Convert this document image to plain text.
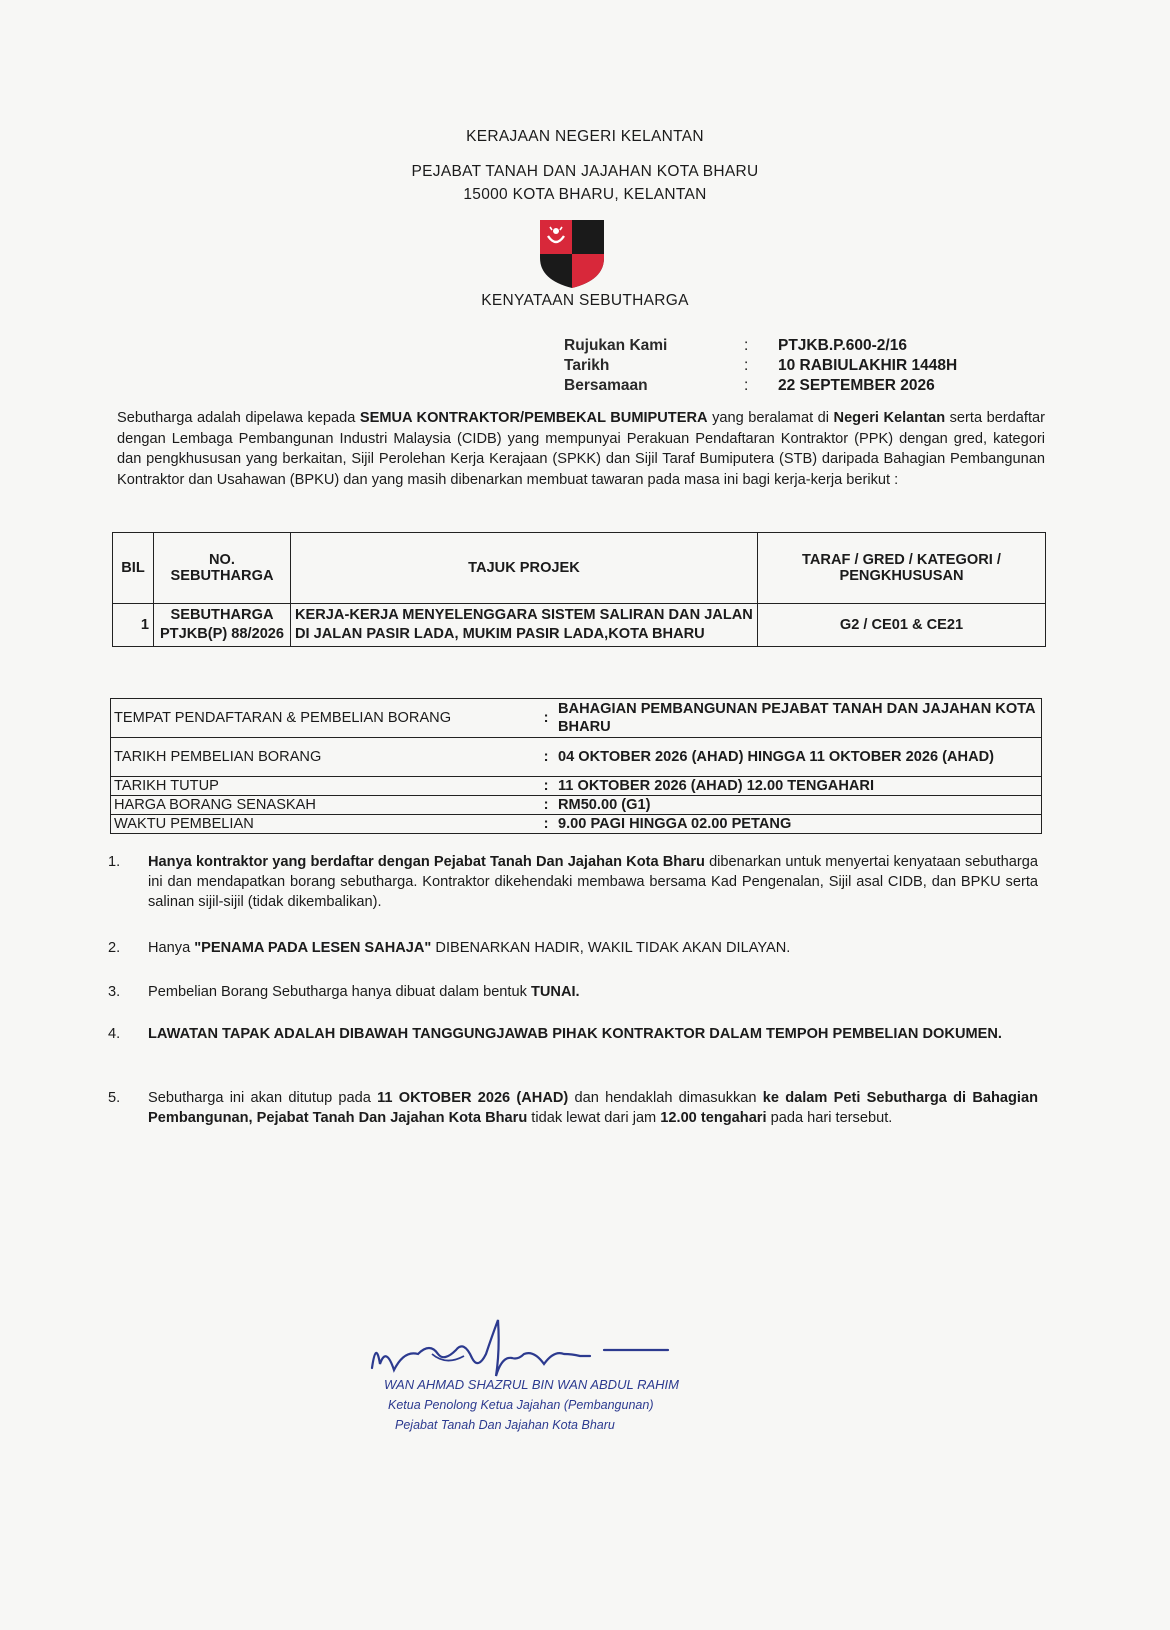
KERAJAAN NEGERI KELANTAN
PEJABAT TANAH DAN JAJAHAN KOTA BHARU
15000 KOTA BHARU, KELANTAN
KENYATAAN SEBUTHARGA
Rujukan Kami	:	PTJKB.P.600-2/16
Tarikh	:	10 RABIULAKHIR 1448H
Bersamaan	:	22 SEPTEMBER 2026
Sebutharga adalah dipelawa kepada SEMUA KONTRAKTOR/PEMBEKAL BUMIPUTERA yang beralamat di Negeri Kelantan serta berdaftar dengan Lembaga Pembangunan Industri Malaysia (CIDB) yang mempunyai Perakuan Pendaftaran Kontraktor (PPK) dengan gred, kategori dan pengkhususan yang berkaitan, Sijil Perolehan Kerja Kerajaan (SPKK) dan Sijil Taraf Bumiputera (STB) daripada Bahagian Pembangunan Kontraktor dan Usahawan (BPKU) dan yang masih dibenarkan membuat tawaran pada masa ini bagi kerja-kerja berikut :
BIL	NO. SEBUTHARGA	TAJUK PROJEK	TARAF / GRED / KATEGORI / PENGKHUSUSAN
1	SEBUTHARGA PTJKB(P) 88/2026	KERJA-KERJA MENYELENGGARA SISTEM SALIRAN DAN JALAN DI JALAN PASIR LADA, MUKIM PASIR LADA,KOTA BHARU	G2 / CE01 & CE21
TEMPAT PENDAFTARAN & PEMBELIAN BORANG	:	BAHAGIAN PEMBANGUNAN PEJABAT TANAH DAN JAJAHAN KOTA BHARU
TARIKH PEMBELIAN BORANG	:	04 OKTOBER 2026 (AHAD) HINGGA 11 OKTOBER 2026 (AHAD)
TARIKH TUTUP	:	11 OKTOBER 2026 (AHAD) 12.00 TENGAHARI
HARGA BORANG SENASKAH	:	RM50.00 (G1)
WAKTU PEMBELIAN	:	9.00 PAGI HINGGA 02.00 PETANG
1.	Hanya kontraktor yang berdaftar dengan Pejabat Tanah Dan Jajahan Kota Bharu dibenarkan untuk menyertai kenyataan sebutharga ini dan mendapatkan borang sebutharga. Kontraktor dikehendaki membawa bersama Kad Pengenalan, Sijil asal CIDB, dan BPKU serta salinan sijil-sijil (tidak dikembalikan).
2.	Hanya "PENAMA PADA LESEN SAHAJA" DIBENARKAN HADIR, WAKIL TIDAK AKAN DILAYAN.
3.	Pembelian Borang Sebutharga hanya dibuat dalam bentuk TUNAI.
4.	LAWATAN TAPAK ADALAH DIBAWAH TANGGUNGJAWAB PIHAK KONTRAKTOR DALAM TEMPOH PEMBELIAN DOKUMEN.
5.	Sebutharga ini akan ditutup pada 11 OKTOBER 2026 (AHAD) dan hendaklah dimasukkan ke dalam Peti Sebutharga di Bahagian Pembangunan, Pejabat Tanah Dan Jajahan Kota Bharu tidak lewat dari jam 12.00 tengahari pada hari tersebut.
WAN AHMAD SHAZRUL BIN WAN ABDUL RAHIM
Ketua Penolong Ketua Jajahan (Pembangunan)
Pejabat Tanah Dan Jajahan Kota Bharu
